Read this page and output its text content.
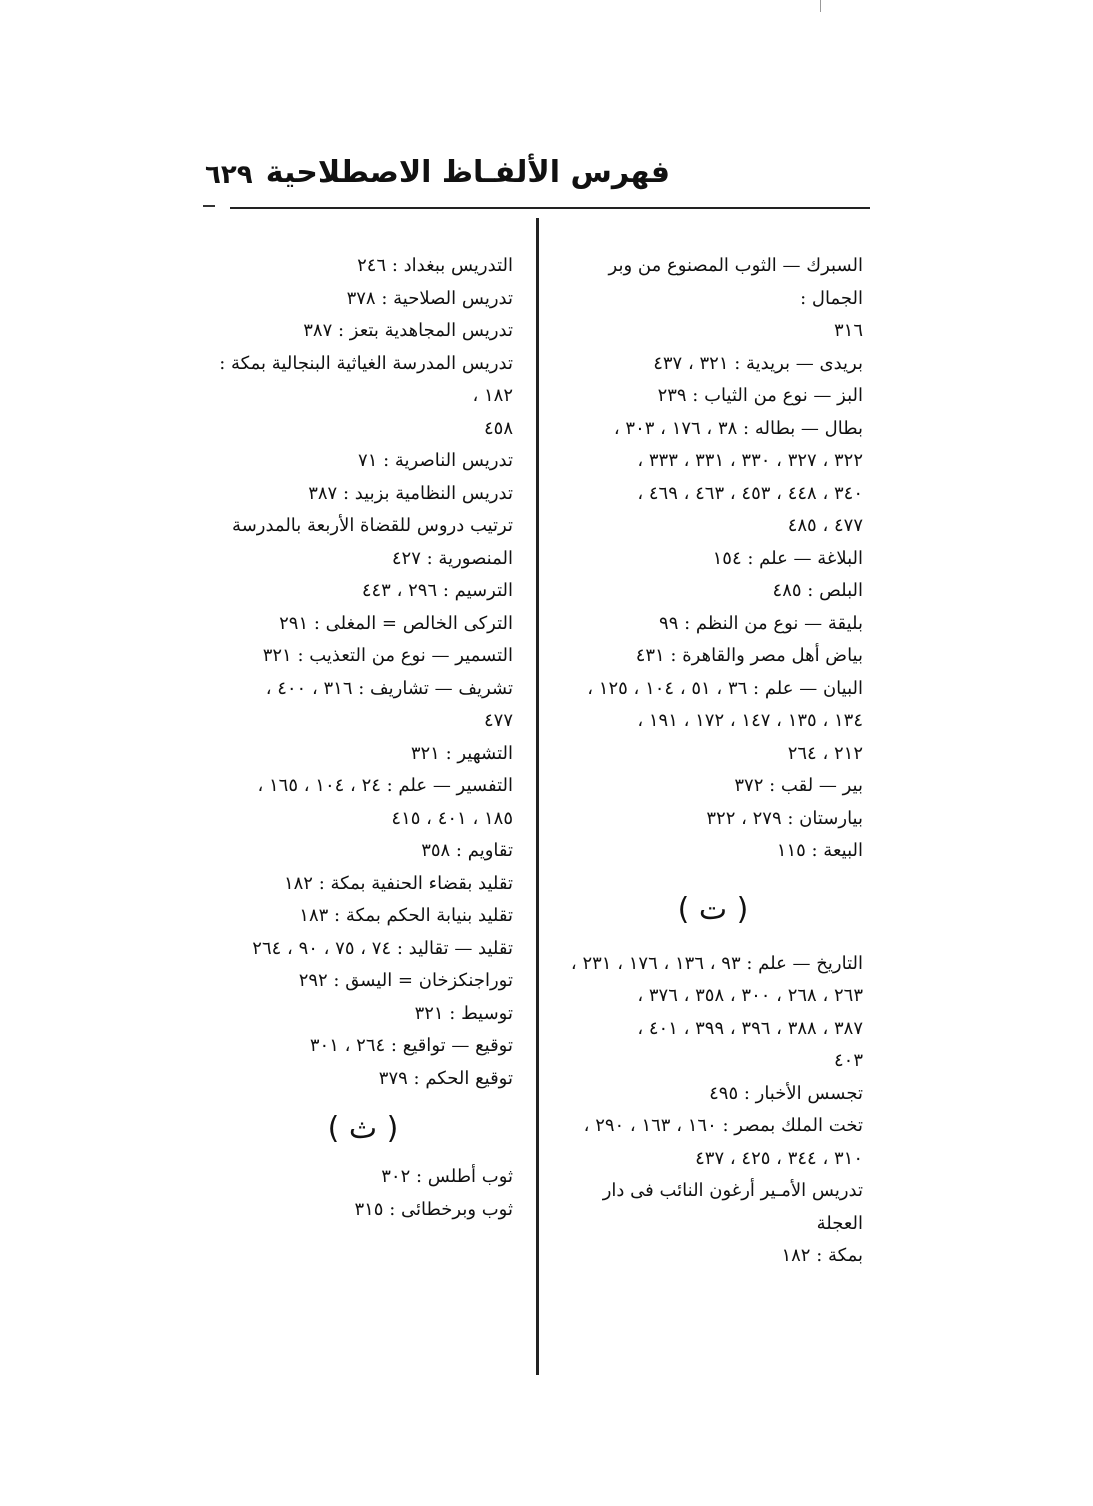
٦٢٩ فهرس الألفـاظ الاصطلاحية

السبرك — الثوب المصنوع من وبر الجمال :

٣١٦

بريدى — بريدية : ٣٢١ ، ٤٣٧

البز — نوع من الثياب : ٢٣٩

بطال — بطاله : ٣٨ ، ١٧٦ ، ٣٠٣ ،

٣٢٢ ، ٣٢٧ ، ٣٣٠ ، ٣٣١ ، ٣٣٣ ،

٣٤٠ ، ٤٤٨ ، ٤٥٣ ، ٤٦٣ ، ٤٦٩ ،

٤٧٧ ، ٤٨٥

البلاغة — علم : ١٥٤

البلص : ٤٨٥

بليقة — نوع من النظم : ٩٩

بياض أهل مصر والقاهرة : ٤٣١

البيان — علم : ٣٦ ، ٥١ ، ١٠٤ ، ١٢٥ ،

١٣٤ ، ١٣٥ ، ١٤٧ ، ١٧٢ ، ١٩١ ،

٢١٢ ، ٢٦٤

بير — لقب : ٣٧٢

بيارستان : ٢٧٩ ، ٣٢٢

البيعة : ١١٥

( ت )

التاريخ — علم : ٩٣ ، ١٣٦ ، ١٧٦ ، ٢٣١ ،

٢٦٣ ، ٢٦٨ ، ٣٠٠ ، ٣٥٨ ، ٣٧٦ ،

٣٨٧ ، ٣٨٨ ، ٣٩٦ ، ٣٩٩ ، ٤٠١ ،

٤٠٣

تجسس الأخبار : ٤٩٥

تخت الملك بمصر : ١٦٠ ، ١٦٣ ، ٢٩٠ ،

٣١٠ ، ٣٤٤ ، ٤٢٥ ، ٤٣٧

تدريس الأمـير أرغون النائب فى دار العجلة

بمكة : ١٨٢

التدريس ببغداد : ٢٤٦

تدريس الصلاحية : ٣٧٨

تدريس المجاهدية بتعز : ٣٨٧

تدريس المدرسة الغياثية البنجالية بمكة : ١٨٢ ،

٤٥٨

تدريس الناصرية : ٧١

تدريس النظامية بزبيد : ٣٨٧

ترتيب دروس للقضاة الأربعة بالمدرسة

المنصورية : ٤٢٧

الترسيم : ٢٩٦ ، ٤٤٣

التركى الخالص = المغلى : ٢٩١

التسمير — نوع من التعذيب : ٣٢١

تشريف — تشاريف : ٣١٦ ، ٤٠٠ ،

٤٧٧

التشهير : ٣٢١

التفسير — علم : ٢٤ ، ١٠٤ ، ١٦٥ ،

١٨٥ ، ٤٠١ ، ٤١٥

تقاويم : ٣٥٨

تقليد بقضاء الحنفية بمكة : ١٨٢

تقليد بنيابة الحكم بمكة : ١٨٣

تقليد — تقاليد : ٧٤ ، ٧٥ ، ٩٠ ، ٢٦٤

توراجنكزخان = اليسق : ٢٩٢

توسيط : ٣٢١

توقيع — تواقيع : ٢٦٤ ، ٣٠١

توقيع الحكم : ٣٧٩

( ث )

ثوب أطلس : ٣٠٢

ثوب وبرخطائى : ٣١٥
